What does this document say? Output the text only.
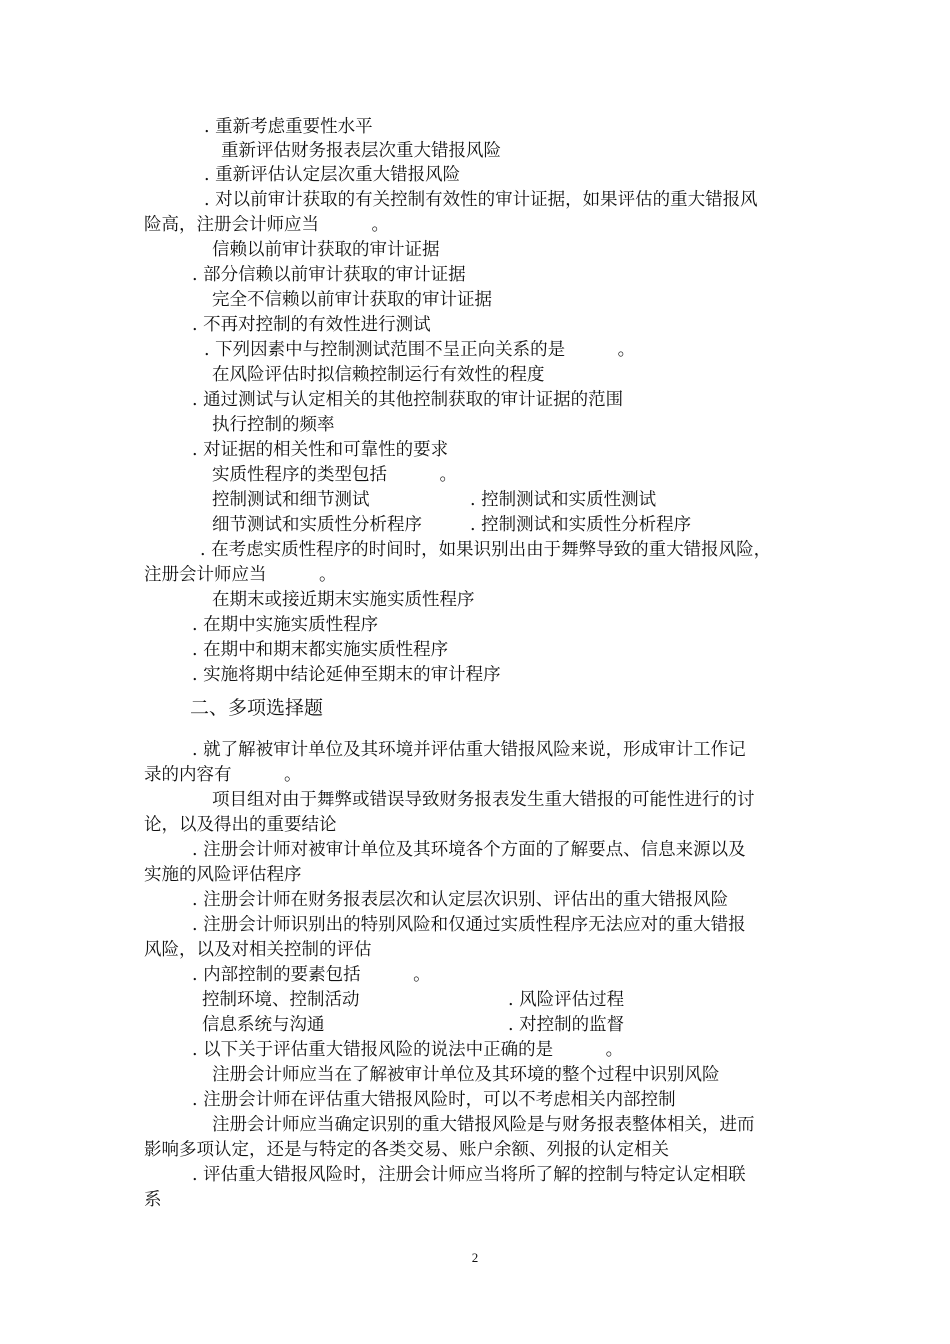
. 重新考虑重要性水平
重新评估财务报表层次重大错报风险
. 重新评估认定层次重大错报风险
. 对以前审计获取的有关控制有效性的审计证据，如果评估的重大错报风
险高，注册会计师应当　　　。
信赖以前审计获取的审计证据
. 部分信赖以前审计获取的审计证据
完全不信赖以前审计获取的审计证据
. 不再对控制的有效性进行测试
. 下列因素中与控制测试范围不呈正向关系的是　　　。
在风险评估时拟信赖控制运行有效性的程度
. 通过测试与认定相关的其他控制获取的审计证据的范围
执行控制的频率
. 对证据的相关性和可靠性的要求
实质性程序的类型包括　　　。
控制测试和细节测试	. 控制测试和实质性测试
细节测试和实质性分析程序	. 控制测试和实质性分析程序
. 在考虑实质性程序的时间时，如果识别出由于舞弊导致的重大错报风险，
注册会计师应当　　　。
在期末或接近期末实施实质性程序
. 在期中实施实质性程序
. 在期中和期末都实施实质性程序
. 实施将期中结论延伸至期末的审计程序
二、多项选择题
. 就了解被审计单位及其环境并评估重大错报风险来说，形成审计工作记
录的内容有　　　。
项目组对由于舞弊或错误导致财务报表发生重大错报的可能性进行的讨
论，以及得出的重要结论
. 注册会计师对被审计单位及其环境各个方面的了解要点、信息来源以及
实施的风险评估程序
. 注册会计师在财务报表层次和认定层次识别、评估出的重大错报风险
. 注册会计师识别出的特别风险和仅通过实质性程序无法应对的重大错报
风险，以及对相关控制的评估
. 内部控制的要素包括　　　。
控制环境、控制活动	. 风险评估过程
信息系统与沟通	. 对控制的监督
. 以下关于评估重大错报风险的说法中正确的是　　　。
注册会计师应当在了解被审计单位及其环境的整个过程中识别风险
. 注册会计师在评估重大错报风险时，可以不考虑相关内部控制
注册会计师应当确定识别的重大错报风险是与财务报表整体相关，进而
影响多项认定，还是与特定的各类交易、账户余额、列报的认定相关
. 评估重大错报风险时，注册会计师应当将所了解的控制与特定认定相联
系
2
